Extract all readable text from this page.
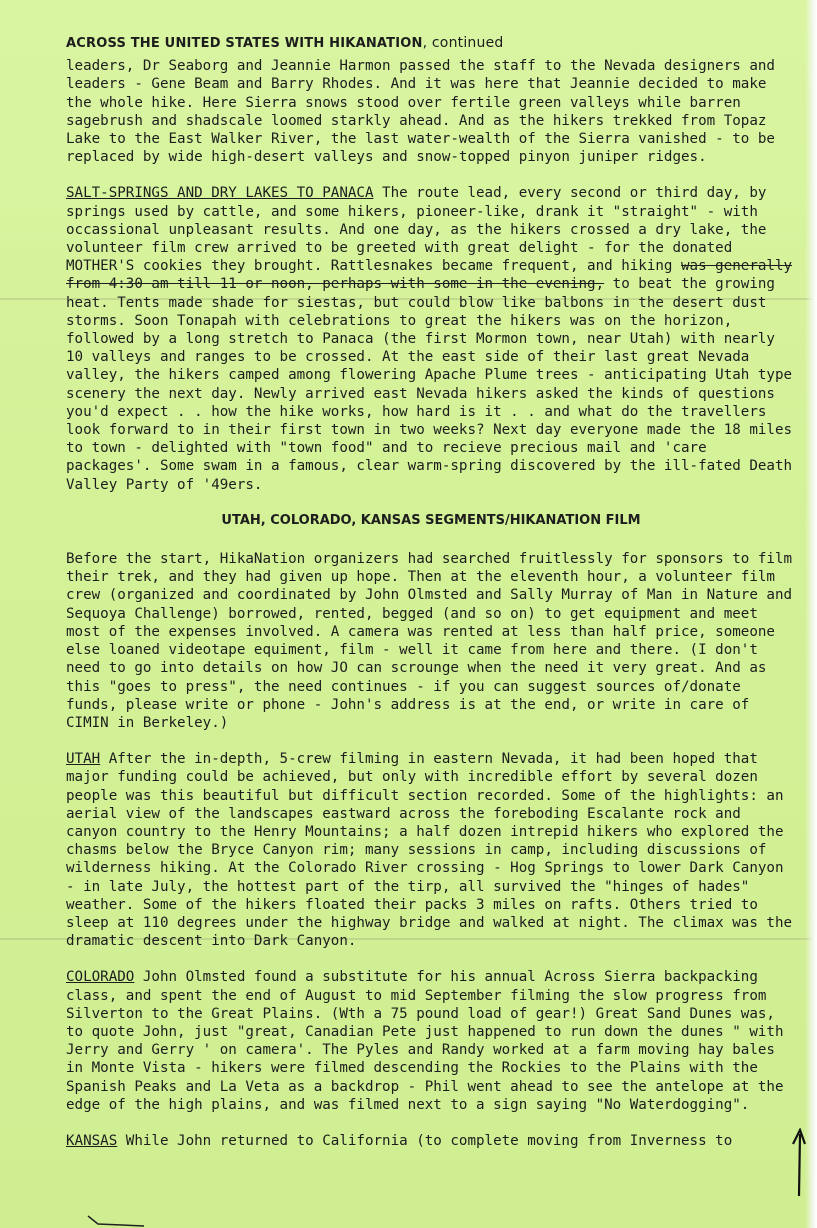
ACROSS THE UNITED STATES WITH HIKANATION, continued

leaders, Dr Seaborg and Jeannie Harmon passed the staff to the Nevada designers and leaders - Gene Beam and Barry Rhodes. And it was here that Jeannie decided to make the whole hike. Here Sierra snows stood over fertile green valleys while barren sagebrush and shadscale loomed starkly ahead. And as the hikers trekked from Topaz Lake to the East Walker River, the last water-wealth of the Sierra vanished - to be replaced by wide high-desert valleys and snow-topped pinyon juniper ridges.

SALT-SPRINGS AND DRY LAKES TO PANACA The route lead, every second or third day, by springs used by cattle, and some hikers, pioneer-like, drank it "straight" - with occassional unpleasant results. And one day, as the hikers crossed a dry lake, the volunteer film crew arrived to be greeted with great delight - for the donated MOTHER'S cookies they brought. Rattlesnakes became frequent, and hiking was generally from 4:30 am till 11 or noon, perhaps with some in the evening, to beat the growing heat. Tents made shade for siestas, but could blow like balbons in the desert dust storms. Soon Tonapah with celebrations to great the hikers was on the horizon, followed by a long stretch to Panaca (the first Mormon town, near Utah) with nearly 10 valleys and ranges to be crossed. At the east side of their last great Nevada valley, the hikers camped among flowering Apache Plume trees - anticipating Utah type scenery the next day. Newly arrived east Nevada hikers asked the kinds of questions you'd expect . . how the hike works, how hard is it . . and what do the travellers look forward to in their first town in two weeks? Next day everyone made the 18 miles to town - delighted with "town food" and to recieve precious mail and 'care packages'. Some swam in a famous, clear warm-spring discovered by the ill-fated Death Valley Party of '49ers.

UTAH, COLORADO, KANSAS SEGMENTS/HIKANATION FILM

Before the start, HikaNation organizers had searched fruitlessly for sponsors to film their trek, and they had given up hope. Then at the eleventh hour, a volunteer film crew (organized and coordinated by John Olmsted and Sally Murray of Man in Nature and Sequoya Challenge) borrowed, rented, begged (and so on) to get equipment and meet most of the expenses involved. A camera was rented at less than half price, someone else loaned videotape equiment, film - well it came from here and there. (I don't need to go into details on how JO can scrounge when the need it very great. And as this "goes to press", the need continues - if you can suggest sources of/donate funds, please write or phone - John's address is at the end, or write in care of CIMIN in Berkeley.)

UTAH After the in-depth, 5-crew filming in eastern Nevada, it had been hoped that major funding could be achieved, but only with incredible effort by several dozen people was this beautiful but difficult section recorded. Some of the highlights: an aerial view of the landscapes eastward across the foreboding Escalante rock and canyon country to the Henry Mountains; a half dozen intrepid hikers who explored the chasms below the Bryce Canyon rim; many sessions in camp, including discussions of wilderness hiking. At the Colorado River crossing - Hog Springs to lower Dark Canyon - in late July, the hottest part of the tirp, all survived the "hinges of hades" weather. Some of the hikers floated their packs 3 miles on rafts. Others tried to sleep at 110 degrees under the highway bridge and walked at night. The climax was the dramatic descent into Dark Canyon.

COLORADO John Olmsted found a substitute for his annual Across Sierra backpacking class, and spent the end of August to mid September filming the slow progress from Silverton to the Great Plains. (Wth a 75 pound load of gear!) Great Sand Dunes was, to quote John, just "great, Canadian Pete just happened to run down the dunes " with Jerry and Gerry ' on camera'. The Pyles and Randy worked at a farm moving hay bales in Monte Vista - hikers were filmed descending the Rockies to the Plains with the Spanish Peaks and La Veta as a backdrop - Phil went ahead to see the antelope at the edge of the high plains, and was filmed next to a sign saying "No Waterdogging".

KANSAS While John returned to California (to complete moving from Inverness to
